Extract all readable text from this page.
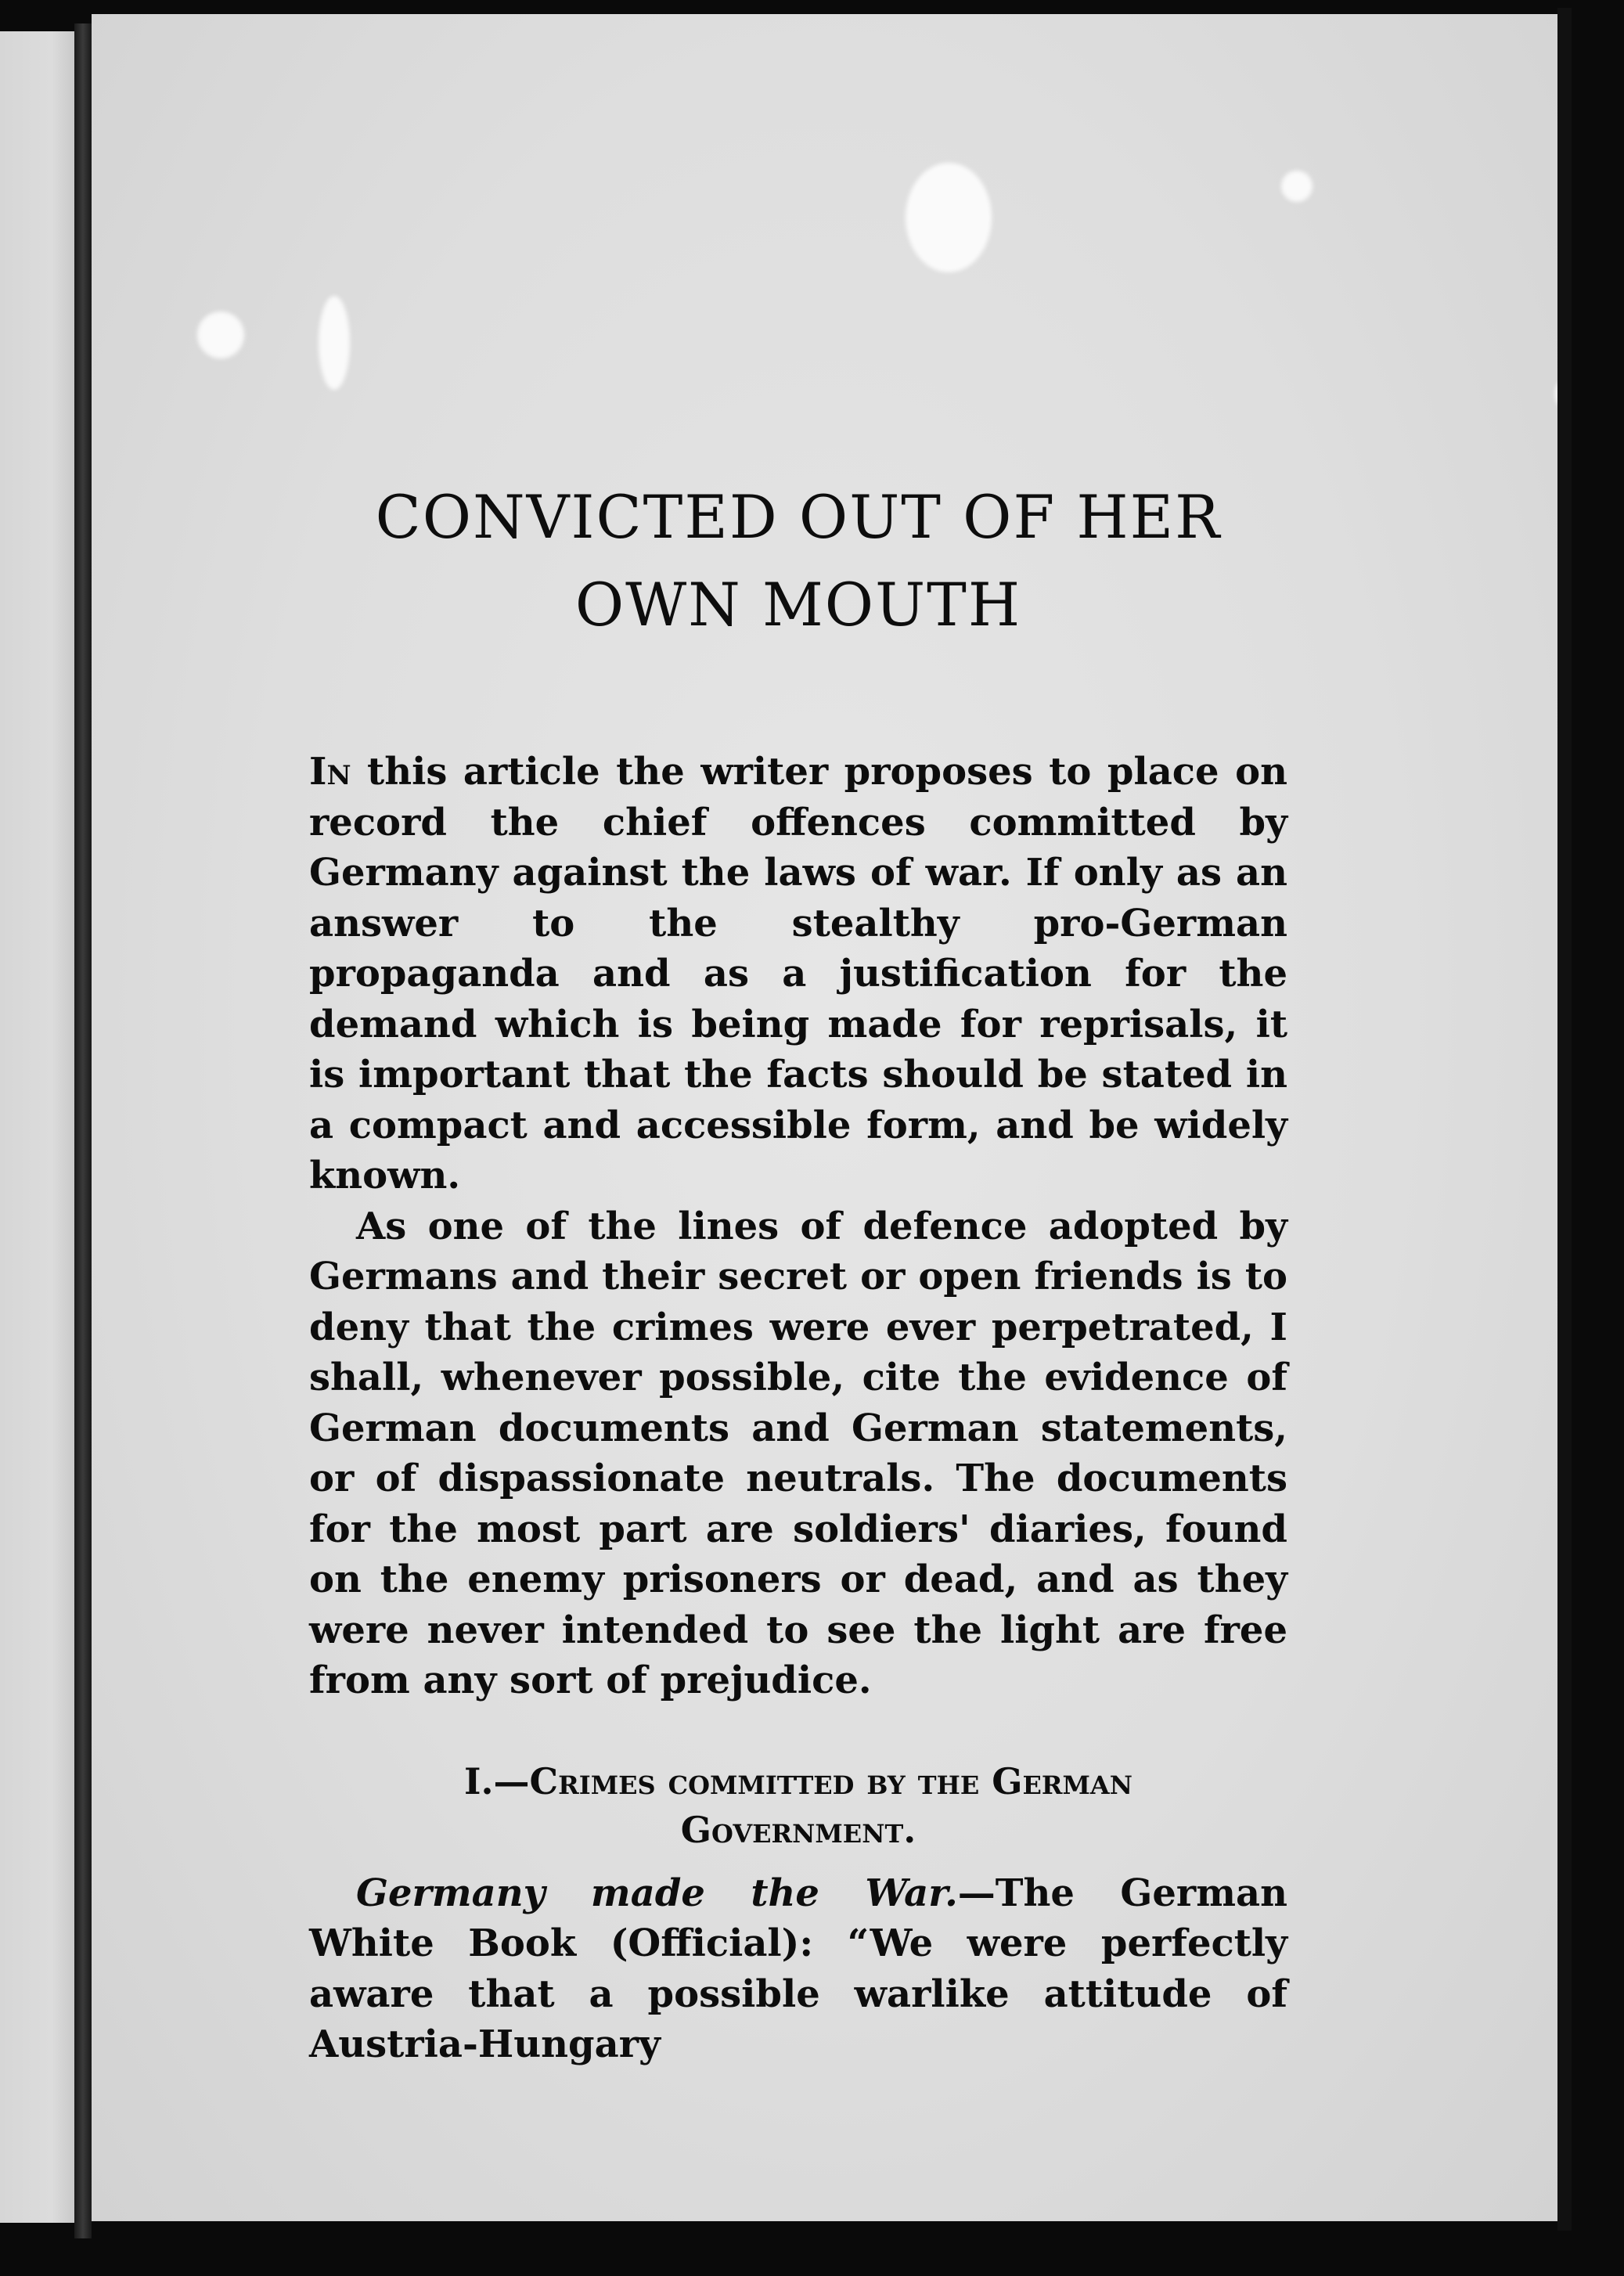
CONVICTED OUT OF HER
OWN MOUTH

In this article the writer proposes to place on record the chief offences committed by Germany against the laws of war. If only as an answer to the stealthy pro-German propaganda and as a justification for the demand which is being made for reprisals, it is important that the facts should be stated in a compact and accessible form, and be widely known.

As one of the lines of defence adopted by Germans and their secret or open friends is to deny that the crimes were ever perpetrated, I shall, whenever possible, cite the evidence of German documents and German statements, or of dispassionate neutrals. The documents for the most part are soldiers' diaries, found on the enemy prisoners or dead, and as they were never intended to see the light are free from any sort of prejudice.

I.—Crimes committed by the German
Government.

Germany made the War.—The German White Book (Official): “We were perfectly aware that a possible warlike attitude of Austria-Hungary
